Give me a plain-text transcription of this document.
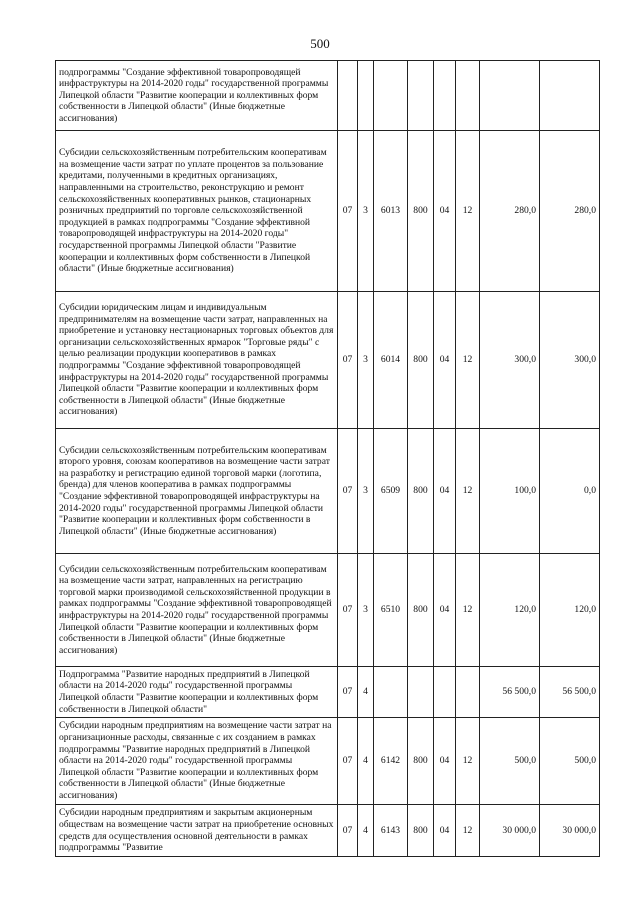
500
подпрограммы "Создание эффективной товаропроводящей инфраструктуры на 2014-2020 годы" государственной программы Липецкой области "Развитие кооперации и коллективных форм собственности в Липецкой области" (Иные бюджетные ассигнования)								
Субсидии сельскохозяйственным потребительским кооперативам на возмещение части затрат по уплате процентов за пользование кредитами, полученными в кредитных организациях, направленными на строительство, реконструкцию и ремонт сельскохозяйственных кооперативных рынков, стационарных розничных предприятий по торговле сельскохозяйственной продукцией в рамках подпрограммы "Создание эффективной товаропроводящей инфраструктуры на 2014-2020 годы" государственной программы Липецкой области "Развитие кооперации и коллективных форм собственности в Липецкой области" (Иные бюджетные ассигнования)	07	3	6013	800	04	12	280,0	280,0
Субсидии юридическим лицам и индивидуальным предпринимателям на возмещение части затрат, направленных на приобретение и установку нестационарных торговых объектов для организации сельскохозяйственных ярмарок "Торговые ряды" с целью реализации продукции кооперативов в рамках подпрограммы "Создание эффективной товаропроводящей инфраструктуры на 2014-2020 годы" государственной программы Липецкой области "Развитие кооперации и коллективных форм собственности в Липецкой области" (Иные бюджетные ассигнования)	07	3	6014	800	04	12	300,0	300,0
Субсидии сельскохозяйственным потребительским кооперативам второго уровня, союзам кооперативов на возмещение части затрат на разработку и регистрацию единой торговой марки (логотипа, бренда) для членов кооператива в рамках подпрограммы "Создание эффективной товаропроводящей инфраструктуры на 2014-2020 годы" государственной программы Липецкой области "Развитие кооперации и коллективных форм собственности в Липецкой области" (Иные бюджетные ассигнования)	07	3	6509	800	04	12	100,0	0,0
Субсидии сельскохозяйственным потребительским кооперативам на возмещение части затрат, направленных на регистрацию торговой марки производимой сельскохозяйственной продукции в рамках подпрограммы "Создание эффективной товаропроводящей инфраструктуры на 2014-2020 годы" государственной программы Липецкой области "Развитие кооперации и коллективных форм собственности в Липецкой области" (Иные бюджетные ассигнования)	07	3	6510	800	04	12	120,0	120,0
Подпрограмма "Развитие народных предприятий в Липецкой области на 2014-2020 годы" государственной программы Липецкой области "Развитие кооперации и коллективных форм собственности в Липецкой области"	07	4					56 500,0	56 500,0
Субсидии народным предприятиям на возмещение части затрат на организационные расходы, связанные с их созданием в рамках подпрограммы "Развитие народных предприятий в Липецкой области на 2014-2020 годы" государственной программы Липецкой области "Развитие кооперации и коллективных форм собственности в Липецкой области" (Иные бюджетные ассигнования)	07	4	6142	800	04	12	500,0	500,0
Субсидии народным предприятиям и закрытым акционерным обществам на возмещение части затрат на приобретение основных средств для осуществления основной деятельности в рамках подпрограммы "Развитие	07	4	6143	800	04	12	30 000,0	30 000,0
